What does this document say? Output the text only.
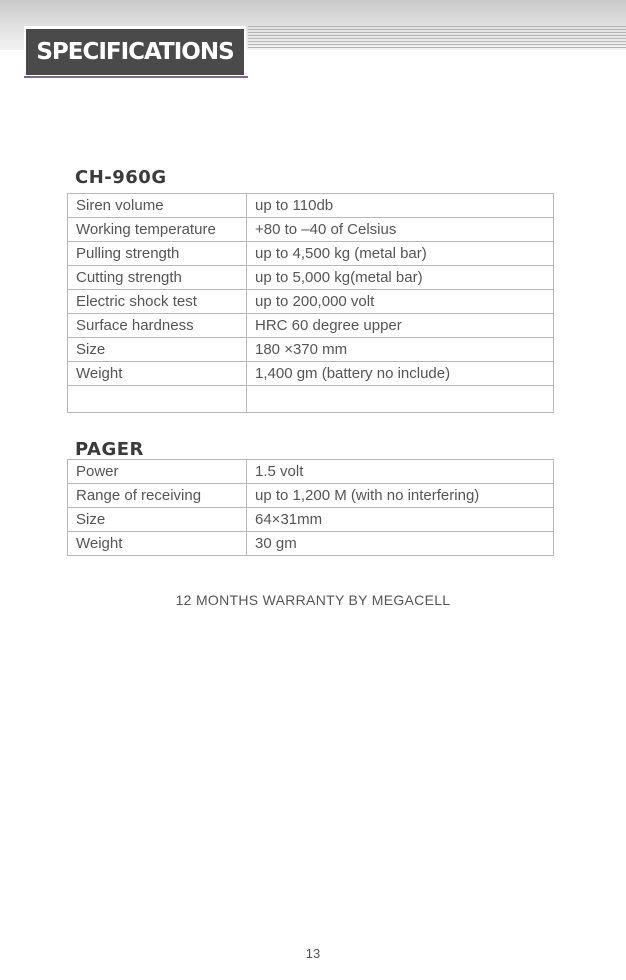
SPECIFICATIONS
CH-960G
Siren volume	up to 110db
Working temperature	+80 to –40 of Celsius
Pulling strength	up to 4,500 kg (metal bar)
Cutting strength	up to 5,000 kg(metal bar)
Electric shock test	up to 200,000 volt
Surface hardness	HRC 60 degree upper
Size	180 ×370 mm
Weight	1,400 gm (battery no include)

PAGER
Power	1.5 volt
Range of receiving	up to 1,200 M (with no interfering)
Size	64×31mm
Weight	30 gm
12 MONTHS WARRANTY BY MEGACELL
13
